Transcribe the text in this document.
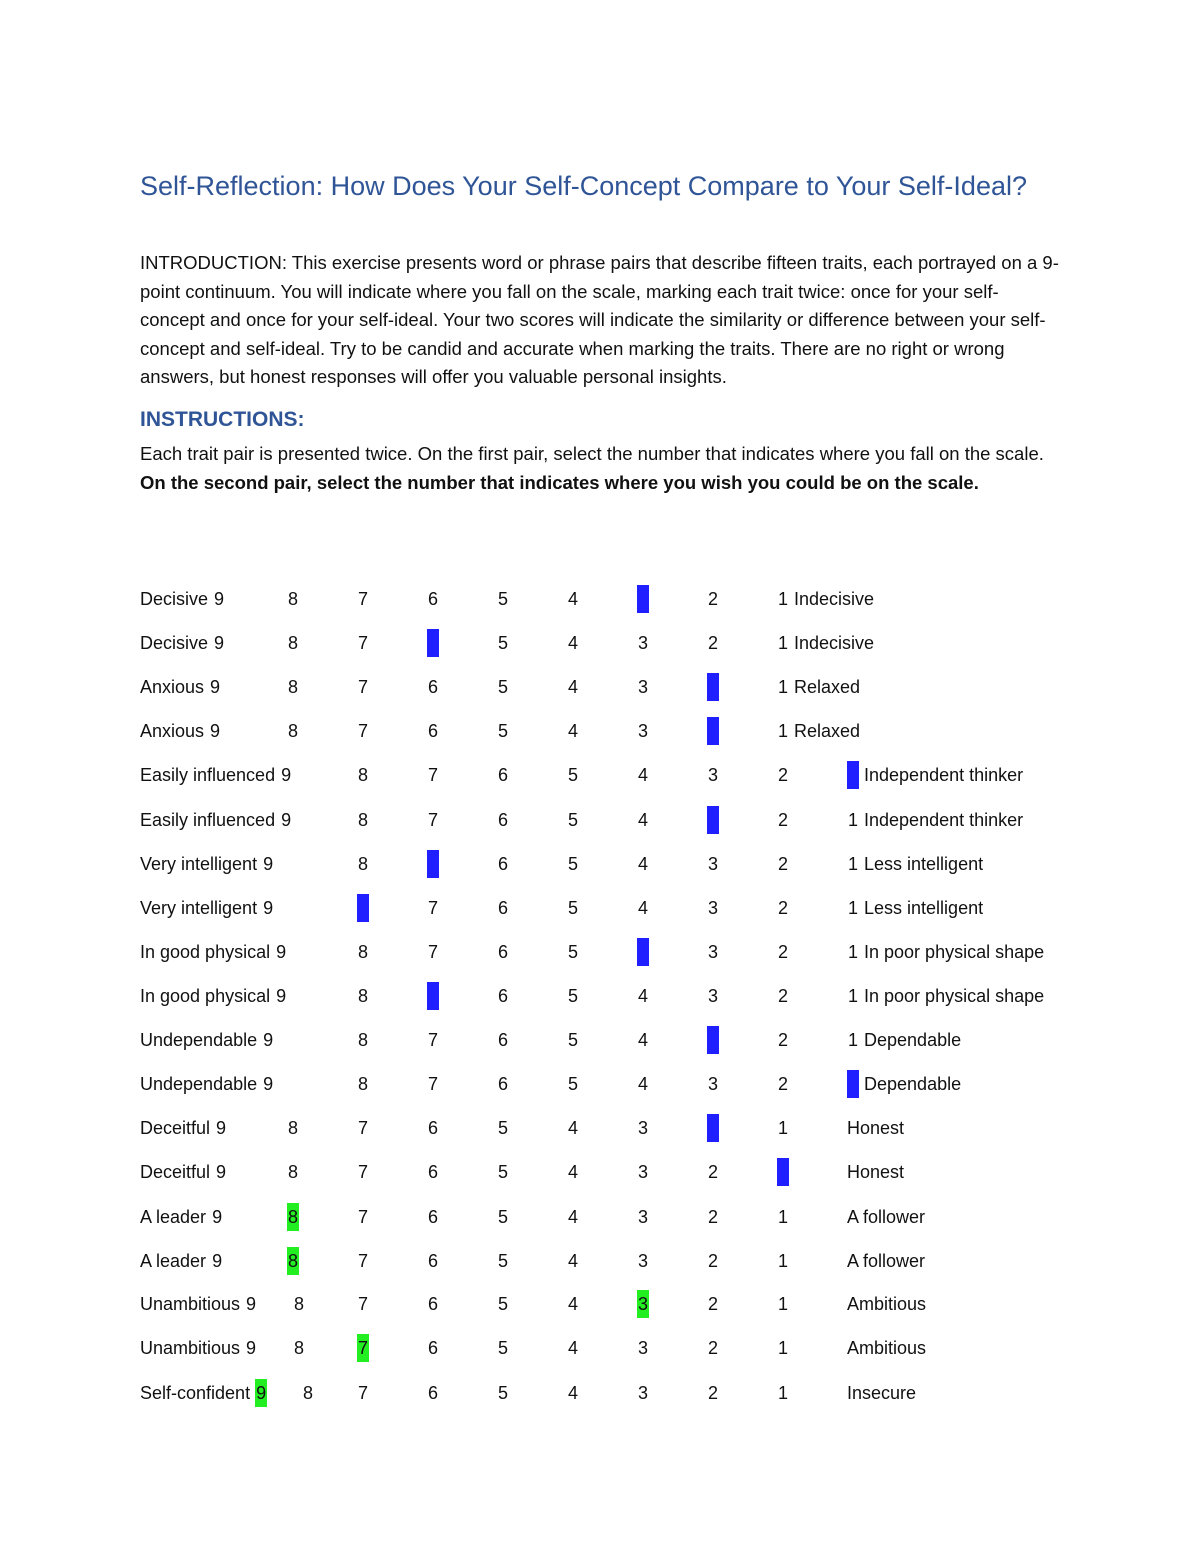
Self-Reflection: How Does Your Self-Concept Compare to Your Self-Ideal?

INTRODUCTION: This exercise presents word or phrase pairs that describe fifteen traits, each portrayed on a 9-point continuum. You will indicate where you fall on the scale, marking each trait twice: once for your self-concept and once for your self-ideal. Your two scores will indicate the similarity or difference between your self-concept and self-ideal. Try to be candid and accurate when marking the traits. There are no right or wrong answers, but honest responses will offer you valuable personal insights.

INSTRUCTIONS:

Each trait pair is presented twice. On the first pair, select the number that indicates where you fall on the scale. On the second pair, select the number that indicates where you wish you could be on the scale.

Decisive 9	8	7	6	5	4	3	2	1 Indecisive
Decisive 9	8	7	6	5	4	3	2	1 Indecisive
Anxious 9	8	7	6	5	4	3	2	1 Relaxed
Anxious 9	8	7	6	5	4	3	2	1 Relaxed
Easily influenced 9	8	7	6	5	4	3	2	1 Independent thinker
Easily influenced 9	8	7	6	5	4	3	2	1 Independent thinker
Very intelligent 9	8	7	6	5	4	3	2	1 Less intelligent
Very intelligent 9	8	7	6	5	4	3	2	1 Less intelligent
In good physical 9	8	7	6	5	4	3	2	1 In poor physical shape
In good physical 9	8	7	6	5	4	3	2	1 In poor physical shape
Undependable 9	8	7	6	5	4	3	2	1 Dependable
Undependable 9	8	7	6	5	4	3	2	1 Dependable
Deceitful 9	8	7	6	5	4	3	2	1	Honest
Deceitful 9	8	7	6	5	4	3	2	1	Honest
A leader 9	8	7	6	5	4	3	2	1	A follower
A leader 9	8	7	6	5	4	3	2	1	A follower
Unambitious 9 8	7	6	5	4	3	2	1	Ambitious
Unambitious 9 8	7	6	5	4	3	2	1	Ambitious
Self-confident 9 8 7	6	5	4	3	2	1	Insecure
